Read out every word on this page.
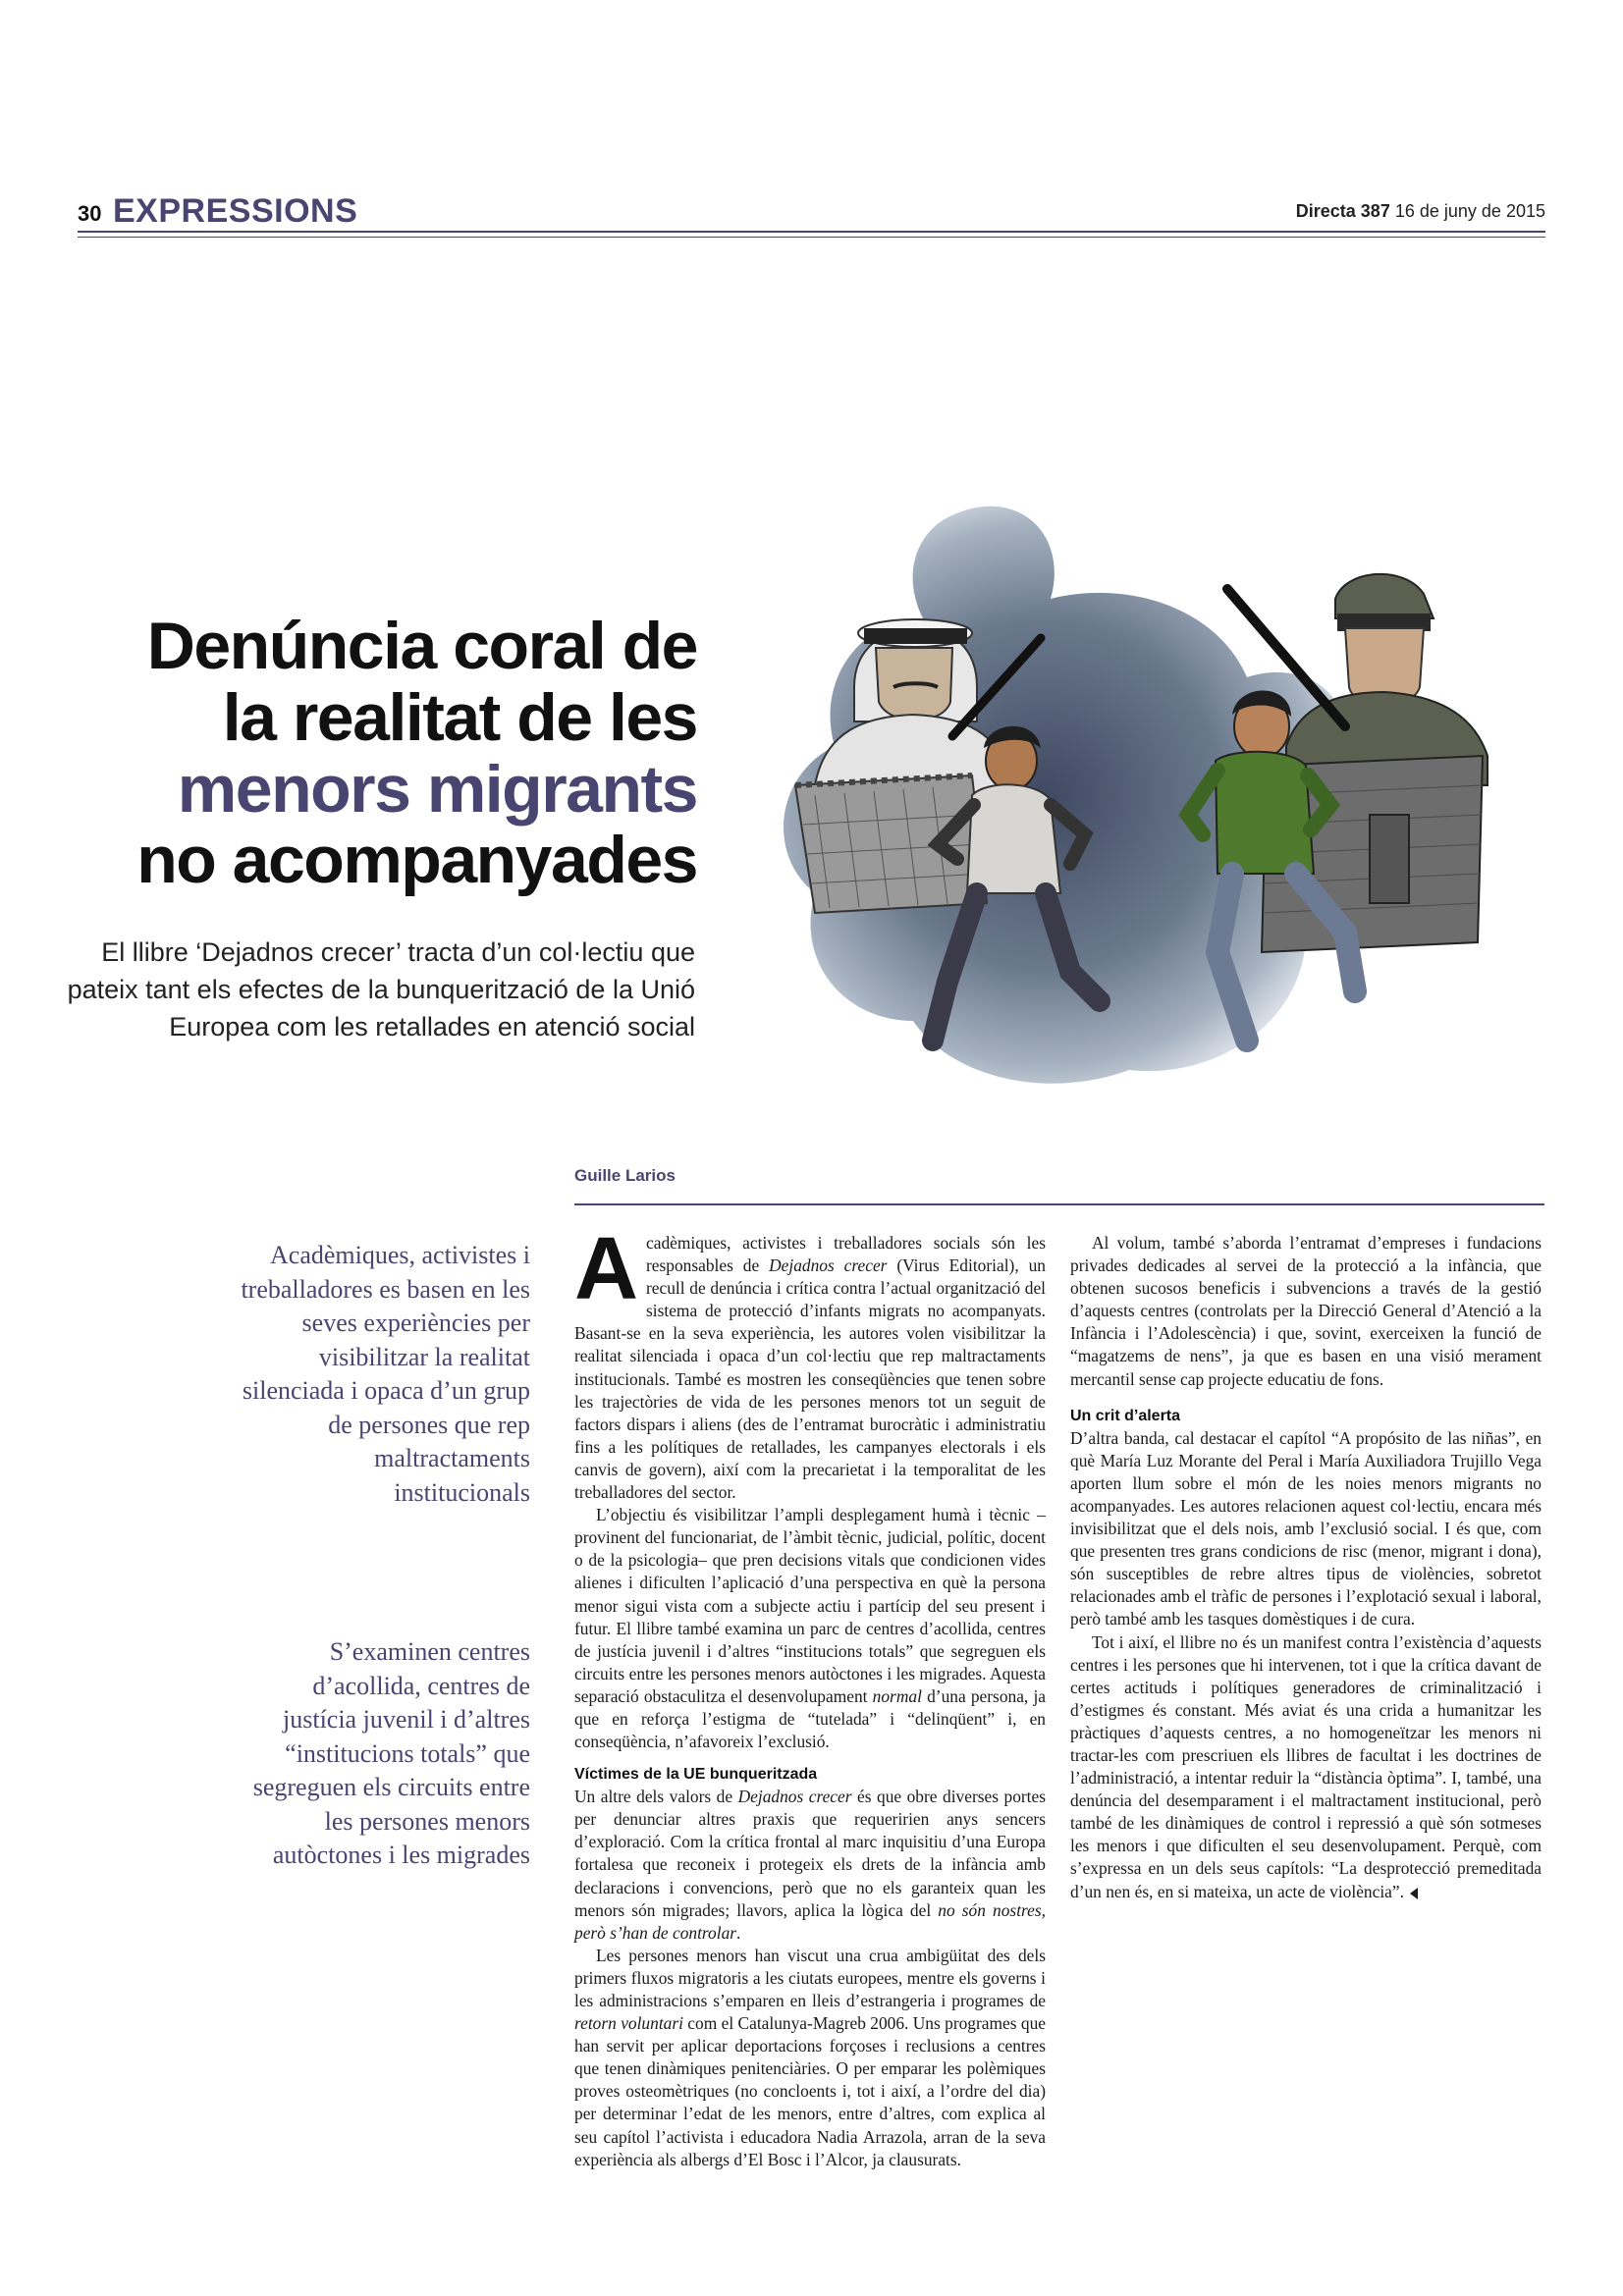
30 EXPRESSIONS	Directa 387 16 de juny de 2015
Denúncia coral de
la realitat de les
menors migrants
no acompanyades
El llibre ‘Dejadnos crecer’ tracta d’un col·lectiu que pateix tant els efectes de la bunquerització de la Unió Europea com les retallades en atenció social
Guille Larios
Acadèmiques, activistes i treballadores es basen en les seves experiències per visibilitzar la realitat silenciada i opaca d’un grup de persones que rep maltractaments institucionals
S’examinen centres d’acollida, centres de justícia juvenil i d’altres “institucions totals” que segreguen els circuits entre les persones menors autòctones i les migrades

Acadèmiques, activistes i treballadores socials són les responsables de Dejadnos crecer (Virus Editorial), un recull de denúncia i crítica contra l’actual organització del sistema de protecció d’infants migrats no acompanyats. Basant-se en la seva experiència, les autores volen visibilitzar la realitat silenciada i opaca d’un col·lectiu que rep maltractaments institucionals. També es mostren les conseqüències que tenen sobre les trajectòries de vida de les persones menors tot un seguit de factors dispars i aliens (des de l’entramat burocràtic i administratiu fins a les polítiques de retallades, les campanyes electorals i els canvis de govern), així com la precarietat i la temporalitat de les treballadores del sector.

L’objectiu és visibilitzar l’ampli desplegament humà i tècnic –provinent del funcionariat, de l’àmbit tècnic, judicial, polític, docent o de la psicologia– que pren decisions vitals que condicionen vides alienes i dificulten l’aplicació d’una perspectiva en què la persona menor sigui vista com a subjecte actiu i partícip del seu present i futur. El llibre també examina un parc de centres d’acollida, centres de justícia juvenil i d’altres “institucions totals” que segreguen els circuits entre les persones menors autòctones i les migrades. Aquesta separació obstaculitza el desenvolupament normal d’una persona, ja que en reforça l’estigma de “tutelada” i “delinqüent” i, en conseqüència, n’afavoreix l’exclusió.

Víctimes de la UE bunqueritzada

Un altre dels valors de Dejadnos crecer és que obre diverses portes per denunciar altres praxis que requeririen anys sencers d’exploració. Com la crítica frontal al marc inquisitiu d’una Europa fortalesa que reconeix i protegeix els drets de la infància amb declaracions i convencions, però que no els garanteix quan les menors són migrades; llavors, aplica la lògica del no són nostres, però s’han de controlar.

Les persones menors han viscut una crua ambigüitat des dels primers fluxos migratoris a les ciutats europees, mentre els governs i les administracions s’emparen en lleis d’estrangeria i programes de retorn voluntari com el Catalunya-Magreb 2006. Uns programes que han servit per aplicar deportacions forçoses i reclusions a centres que tenen dinàmiques penitenciàries. O per emparar les polèmiques proves osteomètriques (no concloents i, tot i així, a l’ordre del dia) per determinar l’edat de les menors, entre d’altres, com explica al seu capítol l’activista i educadora Nadia Arrazola, arran de la seva experiència als albergs d’El Bosc i l’Alcor, ja clausurats.

Al volum, també s’aborda l’entramat d’empreses i fundacions privades dedicades al servei de la protecció a la infància, que obtenen sucosos beneficis i subvencions a través de la gestió d’aquests centres (controlats per la Direcció General d’Atenció a la Infància i l’Adolescència) i que, sovint, exerceixen la funció de “magatzems de nens”, ja que es basen en una visió merament mercantil sense cap projecte educatiu de fons.

Un crit d’alerta

D’altra banda, cal destacar el capítol “A propósito de las niñas”, en què María Luz Morante del Peral i María Auxiliadora Trujillo Vega aporten llum sobre el món de les noies menors migrants no acompanyades. Les autores relacionen aquest col·lectiu, encara més invisibilitzat que el dels nois, amb l’exclusió social. I és que, com que presenten tres grans condicions de risc (menor, migrant i dona), són susceptibles de rebre altres tipus de violències, sobretot relacionades amb el tràfic de persones i l’explotació sexual i laboral, però també amb les tasques domèstiques i de cura.

Tot i així, el llibre no és un manifest contra l’existència d’aquests centres i les persones que hi intervenen, tot i que la crítica davant de certes actituds i polítiques generadores de criminalització i d’estigmes és constant. Més aviat és una crida a humanitzar les pràctiques d’aquests centres, a no homogeneïtzar les menors ni tractar-les com prescriuen els llibres de facultat i les doctrines de l’administració, a intentar reduir la “distància òptima”. I, també, una denúncia del desemparament i el maltractament institucional, però també de les dinàmiques de control i repressió a què són sotmeses les menors i que dificulten el seu desenvolupament. Perquè, com s’expressa en un dels seus capítols: “La desprotecció premeditada d’un nen és, en si mateixa, un acte de violència”.
